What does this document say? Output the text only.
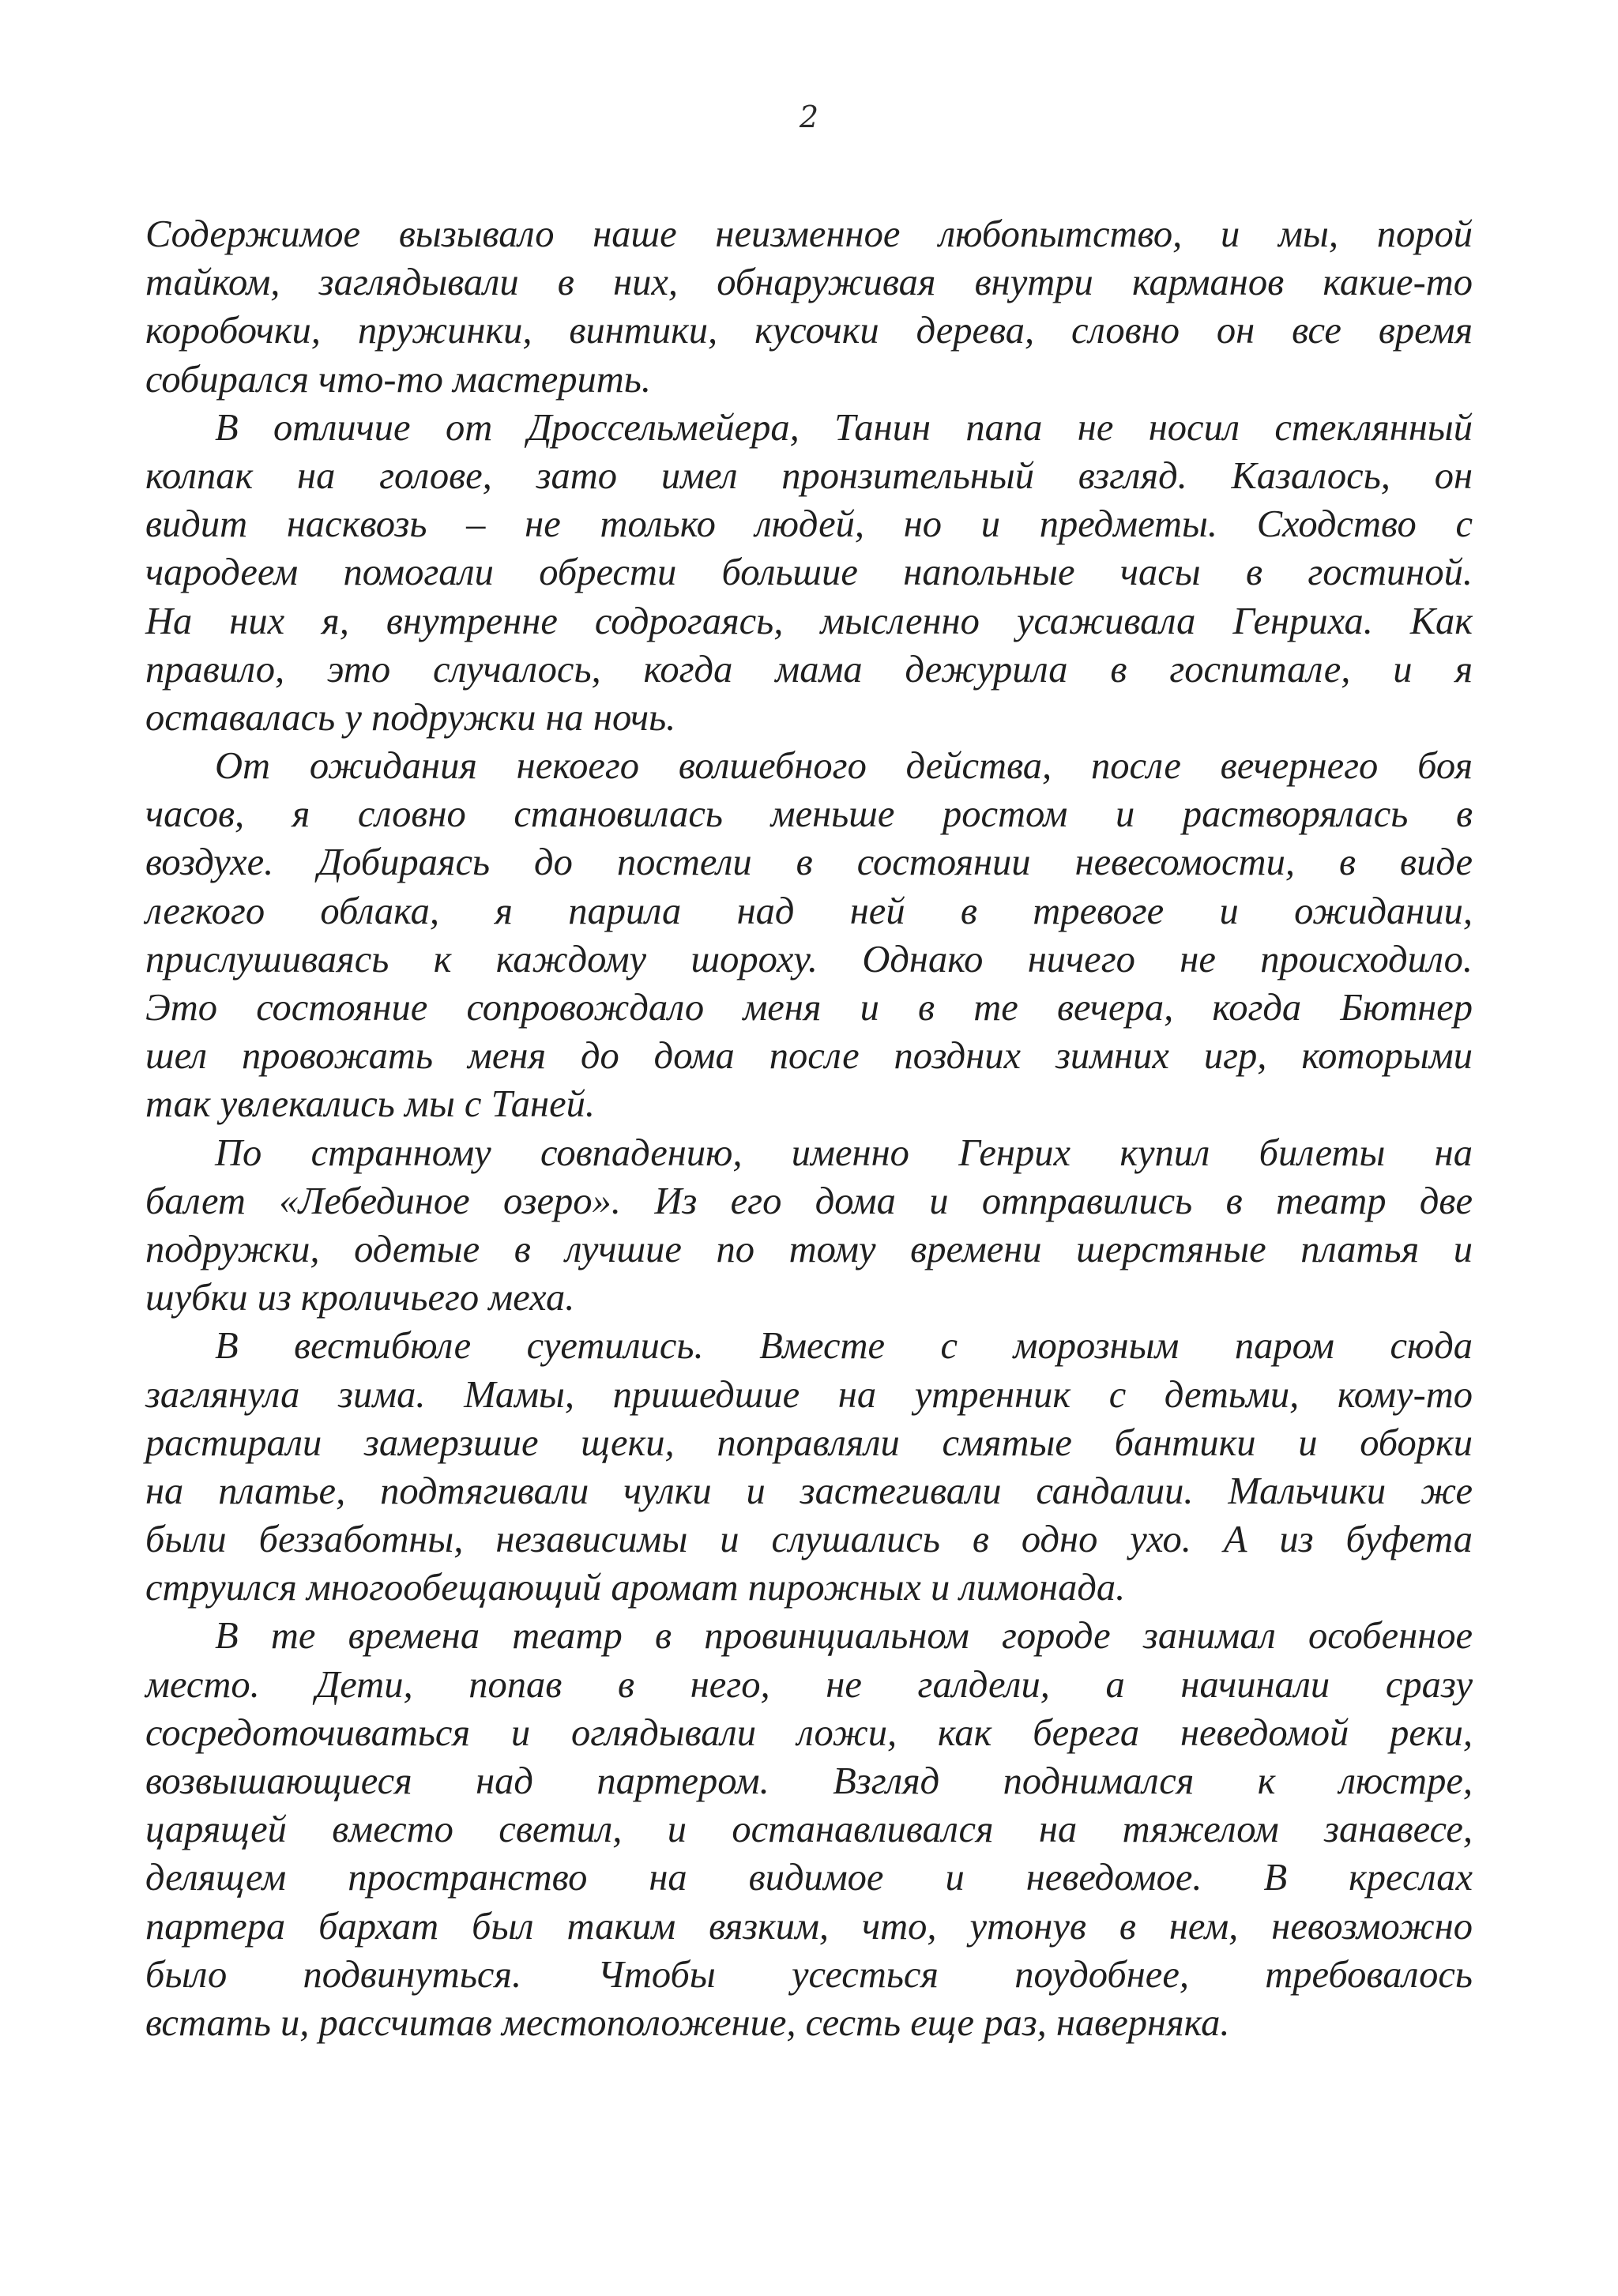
2
Содержимое вызывало наше неизменное любопытство, и мы, порой
тайком, заглядывали в них, обнаруживая внутри карманов какие-то
коробочки, пружинки, винтики, кусочки дерева, словно он все время
собирался что-то мастерить.
В отличие от Дроссельмейера, Танин папа не носил стеклянный
колпак на голове, зато имел пронзительный взгляд. Казалось, он
видит насквозь – не только людей, но и предметы. Сходство с
чародеем помогали обрести большие напольные часы в гостиной.
На них я, внутренне содрогаясь, мысленно усаживала Генриха. Как
правило, это случалось, когда мама дежурила в госпитале, и я
оставалась у подружки на ночь.
От ожидания некоего волшебного действа, после вечернего боя
часов, я словно становилась меньше ростом и растворялась в
воздухе. Добираясь до постели в состоянии невесомости, в виде
легкого облака, я парила над ней в тревоге и ожидании,
прислушиваясь к каждому шороху. Однако ничего не происходило.
Это состояние сопровождало меня и в те вечера, когда Бютнер
шел провожать меня до дома после поздних зимних игр, которыми
так увлекались мы с Таней.
По странному совпадению, именно Генрих купил билеты на
балет «Лебединое озеро». Из его дома и отправились в театр две
подружки, одетые в лучшие по тому времени шерстяные платья и
шубки из кроличьего меха.
В вестибюле суетились. Вместе с морозным паром сюда
заглянула зима. Мамы, пришедшие на утренник с детьми, кому-то
растирали замерзшие щеки, поправляли смятые бантики и оборки
на платье, подтягивали чулки и застегивали сандалии. Мальчики же
были беззаботны, независимы и слушались в одно ухо. А из буфета
струился многообещающий аромат пирожных и лимонада.
В те времена театр в провинциальном городе занимал особенное
место. Дети, попав в него, не галдели, а начинали сразу
сосредоточиваться и оглядывали ложи, как берега неведомой реки,
возвышающиеся над партером. Взгляд поднимался к люстре,
царящей вместо светил, и останавливался на тяжелом занавесе,
делящем пространство на видимое и неведомое. В креслах
партера бархат был таким вязким, что, утонув в нем, невозможно
было подвинуться. Чтобы усесться поудобнее, требовалось
встать и, рассчитав местоположение, сесть еще раз, наверняка.
